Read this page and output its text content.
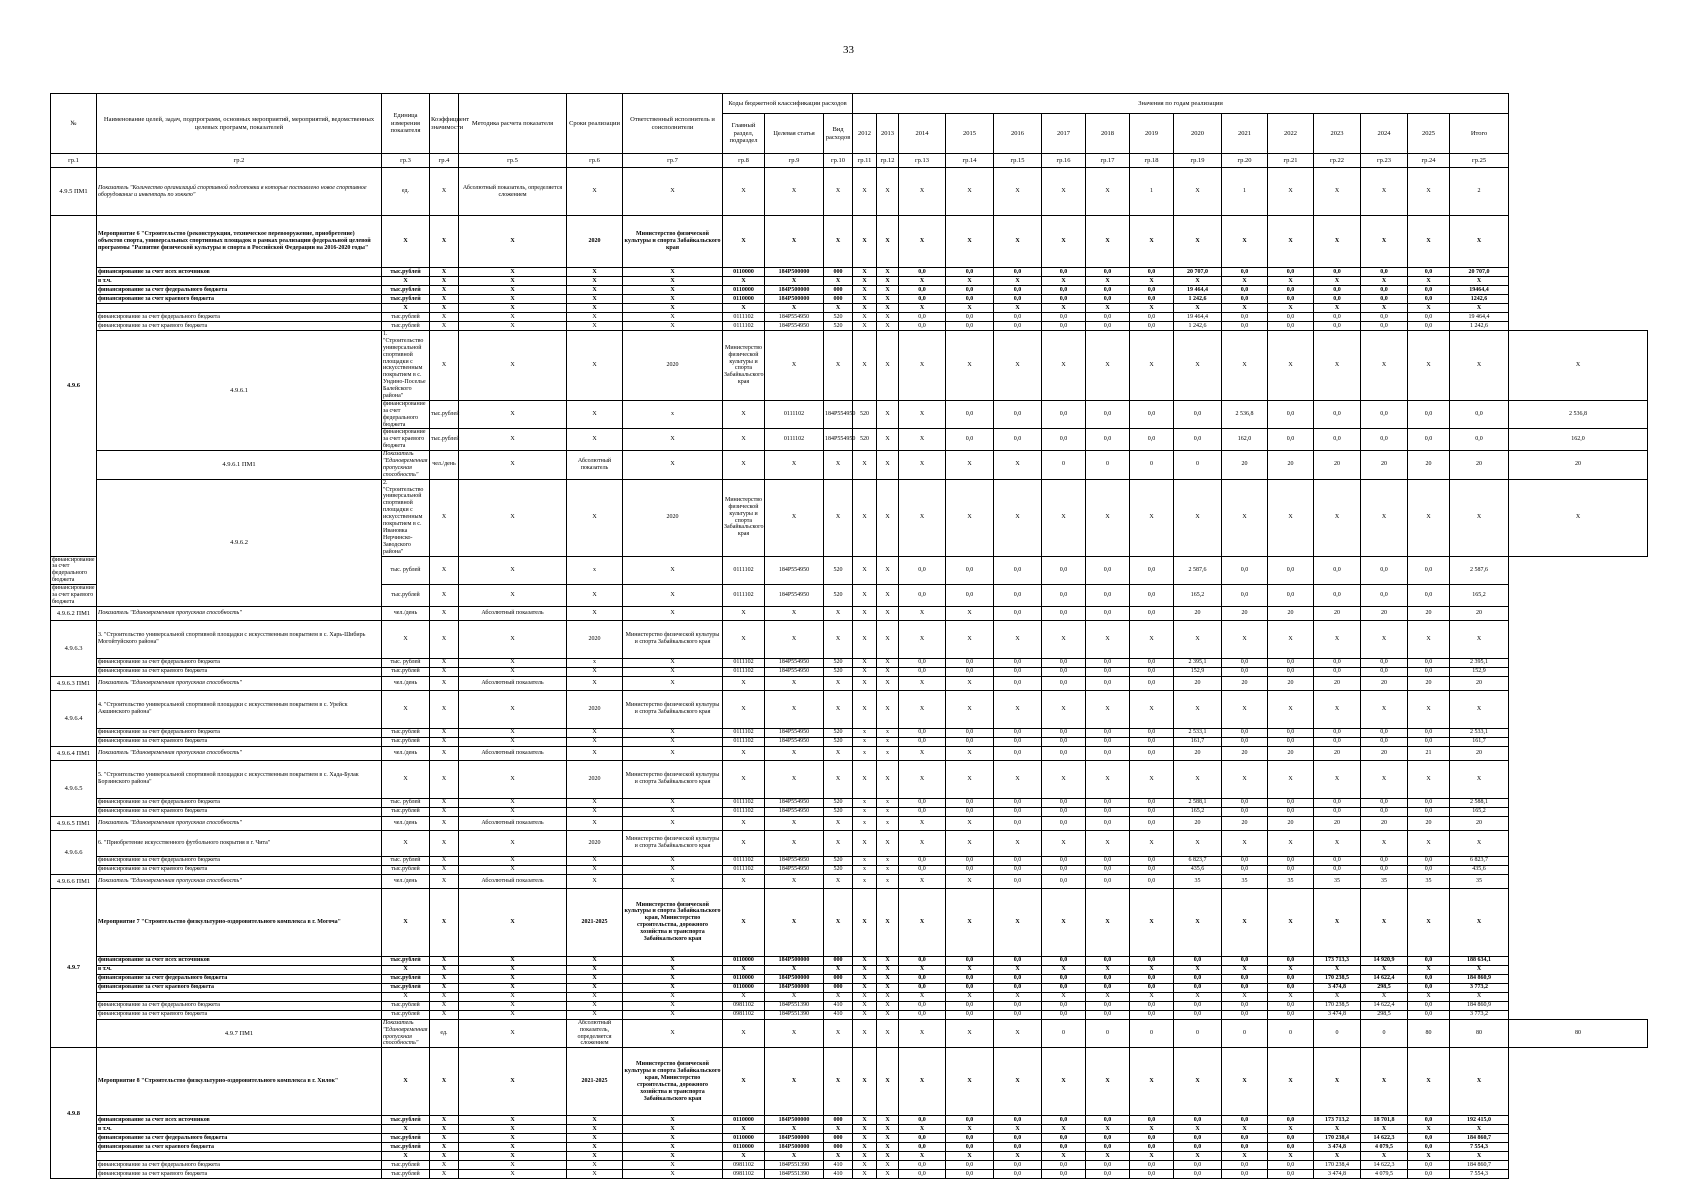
33
№	Наименование целей, задач, подпрограмм, основных мероприятий, мероприятий, ведомственных целевых программ, показателей	Единица измерения показателя	Коэффициент значимости	Методика расчета показателя	Сроки реализации	Ответственный исполнитель и соисполнители	Коды бюджетной классификации расходов			Значения по годам реализации															
							Главный раздел, подраздел	Целевая статья	Вид расходов	2012	2013	2014	2015	2016	2017	2018	2019	2020	2021	2022	2023	2024	2025	Итого	
гр.1	гр.2	гр.3	гр.4	гр.5	гр.6	гр.7	гр.8	гр.9	гр.10	гр.11	гр.12	гр.13	гр.14	гр.15	гр.16	гр.17	гр.18	гр.19	гр.20	гр.21	гр.22	гр.23	гр.24	гр.25	
4.9.5 ПМ1	Показатель "Количество организаций спортивной подготовки в которые поставлено новое спортивное оборудование и инвентарь по хоккею"	ед.	X	Абсолютный показатель, определяется сложением	X	X	X	X	X	X	X	X	X	X	X	X	1	X	1	X	X	X	X	2	
4.9.6	Мероприятие 6 "Строительство (реконструкция, техническое перевооружение, приобретение) объектов спорта, универсальных спортивных площадок в рамках реализации федеральной целевой программы "Развитие физической культуры и спорта в Российской Федерации на 2016-2020 годы"	X	X	X	2020	Министерство физической культуры и спорта Забайкальского края	X	X	X	X	X	X	X	X	X	X	X	X	X	X	X	X	X	X	
	финансирование за счет всех источников	тыс.рублей	X	X	X	X	0110000	184P500000	000	X	X	0,0	0,0	0,0	0,0	0,0	0,0	20 707,0	0,0	0,0	0,0	0,0	0,0	20 707,0	
	в т.ч.	X	X	X	X	X	X	X	X	X	X	X	X	X	X	X	X	X	X	X	X	X	X	X	
	финансирование за счет федерального бюджета	тыс.рублей	X	X	X	X	0110000	184P500000	000	X	X	0,0	0,0	0,0	0,0	0,0	0,0	19 464,4	0,0	0,0	0,0	0,0	0,0	19464,4	
	финансирование за счет краевого бюджета	тыс.рублей	X	X	X	X	0110000	184P500000	000	X	X	0,0	0,0	0,0	0,0	0,0	0,0	1 242,6	0,0	0,0	0,0	0,0	0,0	1242,6	
		X	X	X	X	X	X	X	X	X	X	X	X	X	X	X	X	X	X	X	X	X	X	X	
	финансирование за счет федерального бюджета	тыс.рублей	X	X	X	X	0111102	184P554950	520	X	X	0,0	0,0	0,0	0,0	0,0	0,0	19 464,4	0,0	0,0	0,0	0,0	0,0	19 464,4	
	финансирование за счет краевого бюджета	тыс.рублей	X	X	X	X	0111102	184P554950	520	X	X	0,0	0,0	0,0	0,0	0,0	0,0	1 242,6	0,0	0,0	0,0	0,0	0,0	1 242,6	
	4.9.6.1	1. "Строительство универсальной спортивной площадки с искусственным покрытием в с. Ундино-Поселье Балейского района"	X	X	X	2020	Министерство физической культуры и спорта Забайкальского края	X	X	X	X	X	X	X	X	X	X	X	X	X	X	X	X	X	X
		финансирование за счет федерального бюджета	тыс.рублей	X	X	x	X	0111102	184P554950	520	X	X	0,0	0,0	0,0	0,0	0,0	0,0	2 536,8	0,0	0,0	0,0	0,0	0,0	2 536,8
		финансирование за счет краевого бюджета	тыс.рублей	X	X	X	X	0111102	184P554950	520	X	X	0,0	0,0	0,0	0,0	0,0	0,0	162,0	0,0	0,0	0,0	0,0	0,0	162,0
	4.9.6.1 ПМ1	Показатель "Единовременная пропускная способность"	чел./день	X	Абсолютный показатель	X	X	X	X	X	X	X	X	X	0	0	0	0	20	20	20	20	20	20	20
	4.9.6.2	2. "Строительство универсальной спортивной площадки с искусственным покрытием в с. Ивановка Нерчинско-Заводского района"	X	X	X	2020	Министерство физической культуры и спорта Забайкальского края	X	X	X	X	X	X	X	X	X	X	X	X	X	X	X	X	X	X
финансирование за счет федерального бюджета		тыс. рублей	X	X	x	X	0111102	184P554950	520	X	X	0,0	0,0	0,0	0,0	0,0	0,0	2 587,6	0,0	0,0	0,0	0,0	0,0	2 587,6	
финансирование за счет краевого бюджета		тыс.рублей	X	X	X	X	0111102	184P554950	520	X	X	0,0	0,0	0,0	0,0	0,0	0,0	165,2	0,0	0,0	0,0	0,0	0,0	165,2	
4.9.6.2 ПМ1	Показатель "Единовременная пропускная способность"	чел./день	X	Абсолютный показатель	X	X	X	X	X	X	X	X	X	0,0	0,0	0,0	0,0	20	20	20	20	20	20	20	
4.9.6.3	3. "Строительство универсальной спортивной площадки с искусственным покрытием в с. Харь-Шибирь Могойтуйского района"	X	X	X	2020	Министерство физической культуры и спорта Забайкальского края	X	X	X	X	X	X	X	X	X	X	X	X	X	X	X	X	X	X	
	финансирование за счет федерального бюджета	тыс. рублей	X	X	x	X	0111102	184P554950	520	X	X	0,0	0,0	0,0	0,0	0,0	0,0	2 395,1	0,0	0,0	0,0	0,0	0,0	2 395,1	
	финансирование за счет краевого бюджета	тыс.рублей	X	X	X	X	0111102	184P554950	520	X	X	0,0	0,0	0,0	0,0	0,0	0,0	152,9	0,0	0,0	0,0	0,0	0,0	152,9	
4.9.6.3 ПМ1	Показатель "Единовременная пропускная способность"	чел./день	X	Абсолютный показатель	X	X	X	X	X	X	X	X	X	0,0	0,0	0,0	0,0	20	20	20	20	20	20	20	
4.9.6.4	4. "Строительство универсальной спортивной площадки с искусственным покрытием в с. Урейск Акшинского района"	X	X	X	2020	Министерство физической культуры и спорта Забайкальского края	X	X	X	X	X	X	X	X	X	X	X	X	X	X	X	X	X	X	
	финансирование за счет федерального бюджета	тыс.рублей	X	X	X	X	0111102	184P554950	520	x	x	0,0	0,0	0,0	0,0	0,0	0,0	2 533,1	0,0	0,0	0,0	0,0	0,0	2 533,1	
	финансирование за счет краевого бюджета	тыс.рублей	X	X	X	X	0111102	184P554950	520	x	x	0,0	0,0	0,0	0,0	0,0	0,0	161,7	0,0	0,0	0,0	0,0	0,0	161,7	
4.9.6.4 ПМ1	Показатель "Единовременная пропускная способность"	чел./день	X	Абсолютный показатель	X	X	X	X	X	x	x	X	X	0,0	0,0	0,0	0,0	20	20	20	20	20	21	20	
4.9.6.5	5. "Строительство универсальной спортивной площадки с искусственным покрытием в с. Хада-Булак Борзинского района"	X	X	X	2020	Министерство физической культуры и спорта Забайкальского края	X	X	X	X	X	X	X	X	X	X	X	X	X	X	X	X	X	X	
	финансирование за счет федерального бюджета	тыс. рублей	X	X	X	X	0111102	184P554950	520	x	x	0,0	0,0	0,0	0,0	0,0	0,0	2 588,1	0,0	0,0	0,0	0,0	0,0	2 588,1	
	финансирование за счет краевого бюджета	тыс.рублей	X	X	X	X	0111102	184P554950	520	x	x	0,0	0,0	0,0	0,0	0,0	0,0	165,2	0,0	0,0	0,0	0,0	0,0	165,2	
4.9.6.5 ПМ1	Показатель "Единовременная пропускная способность"	чел./день	X	Абсолютный показатель	X	X	X	X	X	x	x	X	X	0,0	0,0	0,0	0,0	20	20	20	20	20	20	20	
4.9.6.6	6. "Приобретение искусственного футбольного покрытия в г. Чита"	X	X	X	2020	Министерство физической культуры и спорта Забайкальского края	X	X	X	X	X	X	X	X	X	X	X	X	X	X	X	X	X	X	
	финансирование за счет федерального бюджета	тыс. рублей	X	X	X	X	0111102	184P554950	520	x	x	0,0	0,0	0,0	0,0	0,0	0,0	6 823,7	0,0	0,0	0,0	0,0	0,0	6 823,7	
	финансирование за счет краевого бюджета	тыс.рублей	X	X	X	X	0111102	184P554950	520	x	x	0,0	0,0	0,0	0,0	0,0	0,0	435,6	0,0	0,0	0,0	0,0	0,0	435,6	
4.9.6.6 ПМ1	Показатель "Единовременная пропускная способность"	чел./день	X	Абсолютный показатель	X	X	X	X	X	x	x	X	X	0,0	0,0	0,0	0,0	35	35	35	35	35	35	35	
4.9.7	Мероприятие 7 "Строительство физкультурно-оздоровительного комплекса в г. Могоча"	X	X	X	2021-2025	Министерство физической культуры и спорта Забайкальского края, Министерство строительства, дорожного хозяйства и транспорта Забайкальского края	X	X	X	X	X	X	X	X	X	X	X	X	X	X	X	X	X	X	
	финансирование за счет всех источников	тыс.рублей	X	X	X	X	0110000	184P500000	000	X	X	0,0	0,0	0,0	0,0	0,0	0,0	0,0	0,0	0,0	173 713,3	14 920,9	0,0	188 634,1	
	в т.ч.	X	X	X	X	X	X	X	X	X	X	X	X	X	X	X	X	X	X	X	X	X	X	X	
	финансирование за счет федерального бюджета	тыс.рублей	X	X	X	X	0110000	184P500000	000	X	X	0,0	0,0	0,0	0,0	0,0	0,0	0,0	0,0	0,0	170 238,5	14 622,4	0,0	184 860,9	
	финансирование за счет краевого бюджета	тыс.рублей	X	X	X	X	0110000	184P500000	000	X	X	0,0	0,0	0,0	0,0	0,0	0,0	0,0	0,0	0,0	3 474,8	298,5	0,0	3 773,2	
		X	X	X	X	X	X	X	X	X	X	X	X	X	X	X	X	X	X	X	X	X	X	X	
	финансирование за счет федерального бюджета	тыс.рублей	X	X	X	X	0981102	184P551390	410	X	X	0,0	0,0	0,0	0,0	0,0	0,0	0,0	0,0	0,0	170 238,5	14 622,4	0,0	184 860,9	
	финансирование за счет краевого бюджета	тыс.рублей	X	X	X	X	0981102	184P551390	410	X	X	0,0	0,0	0,0	0,0	0,0	0,0	0,0	0,0	0,0	3 474,8	298,5	0,0	3 773,2	
	4.9.7 ПМ1	Показатель "Единовременная пропускная способность"	ед.	X	Абсолютный показатель, определяется сложением	X	X	X	X	X	X	X	X	X	0	0	0	0	0	0	0	0	80	80	80
4.9.8	Мероприятие 8 "Строительство физкультурно-оздоровительного комплекса в г. Хилок"	X	X	X	2021-2025	Министерство физической культуры и спорта Забайкальского края, Министерство строительства, дорожного хозяйства и транспорта Забайкальского края	X	X	X	X	X	X	X	X	X	X	X	X	X	X	X	X	X	X	
	финансирование за счет всех источников	тыс.рублей	X	X	X	X	0110000	184P500000	000	X	X	0,0	0,0	0,0	0,0	0,0	0,0	0,0	0,0	0,0	173 713,2	18 701,8	0,0	192 415,0	
	в т.ч.	X	X	X	X	X	X	X	X	X	X	X	X	X	X	X	X	X	X	X	X	X	X	X	
	финансирование за счет федерального бюджета	тыс.рублей	X	X	X	X	0110000	184P500000	000	X	X	0,0	0,0	0,0	0,0	0,0	0,0	0,0	0,0	0,0	170 238,4	14 622,3	0,0	184 860,7	
	финансирование за счет краевого бюджета	тыс.рублей	X	X	X	X	0110000	184P500000	000	X	X	0,0	0,0	0,0	0,0	0,0	0,0	0,0	0,0	0,0	3 474,8	4 079,5	0,0	7 554,3	
		X	X	X	X	X	X	X	X	X	X	X	X	X	X	X	X	X	X	X	X	X	X	X	
	финансирование за счет федерального бюджета	тыс.рублей	X	X	X	X	0981102	184P551390	410	X	X	0,0	0,0	0,0	0,0	0,0	0,0	0,0	0,0	0,0	170 238,4	14 622,3	0,0	184 860,7	
	финансирование за счет краевого бюджета	тыс.рублей	X	X	X	X	0981102	184P551390	410	X	X	0,0	0,0	0,0	0,0	0,0	0,0	0,0	0,0	0,0	3 474,8	4 079,5	0,0	7 554,3	
